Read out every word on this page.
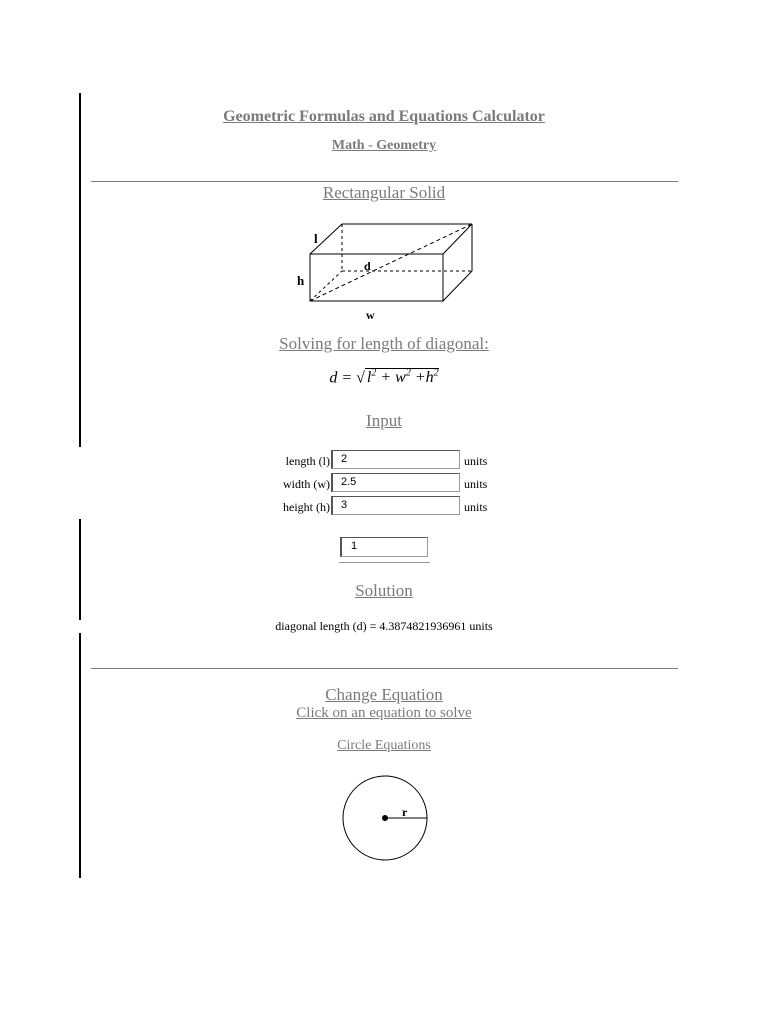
Geometric Formulas and Equations Calculator
Math - Geometry
Rectangular Solid
l
h
d
w
Solving for length of diagonal:
d = √ $l^2 + w^2 +h^2$
Input
length (l)	2	units
width (w)	2.5	units
height (h)	3	units
1
Solution
diagonal length (d) = 4.3874821936961 units
Change Equation
Click on an equation to solve
Circle Equations
r
